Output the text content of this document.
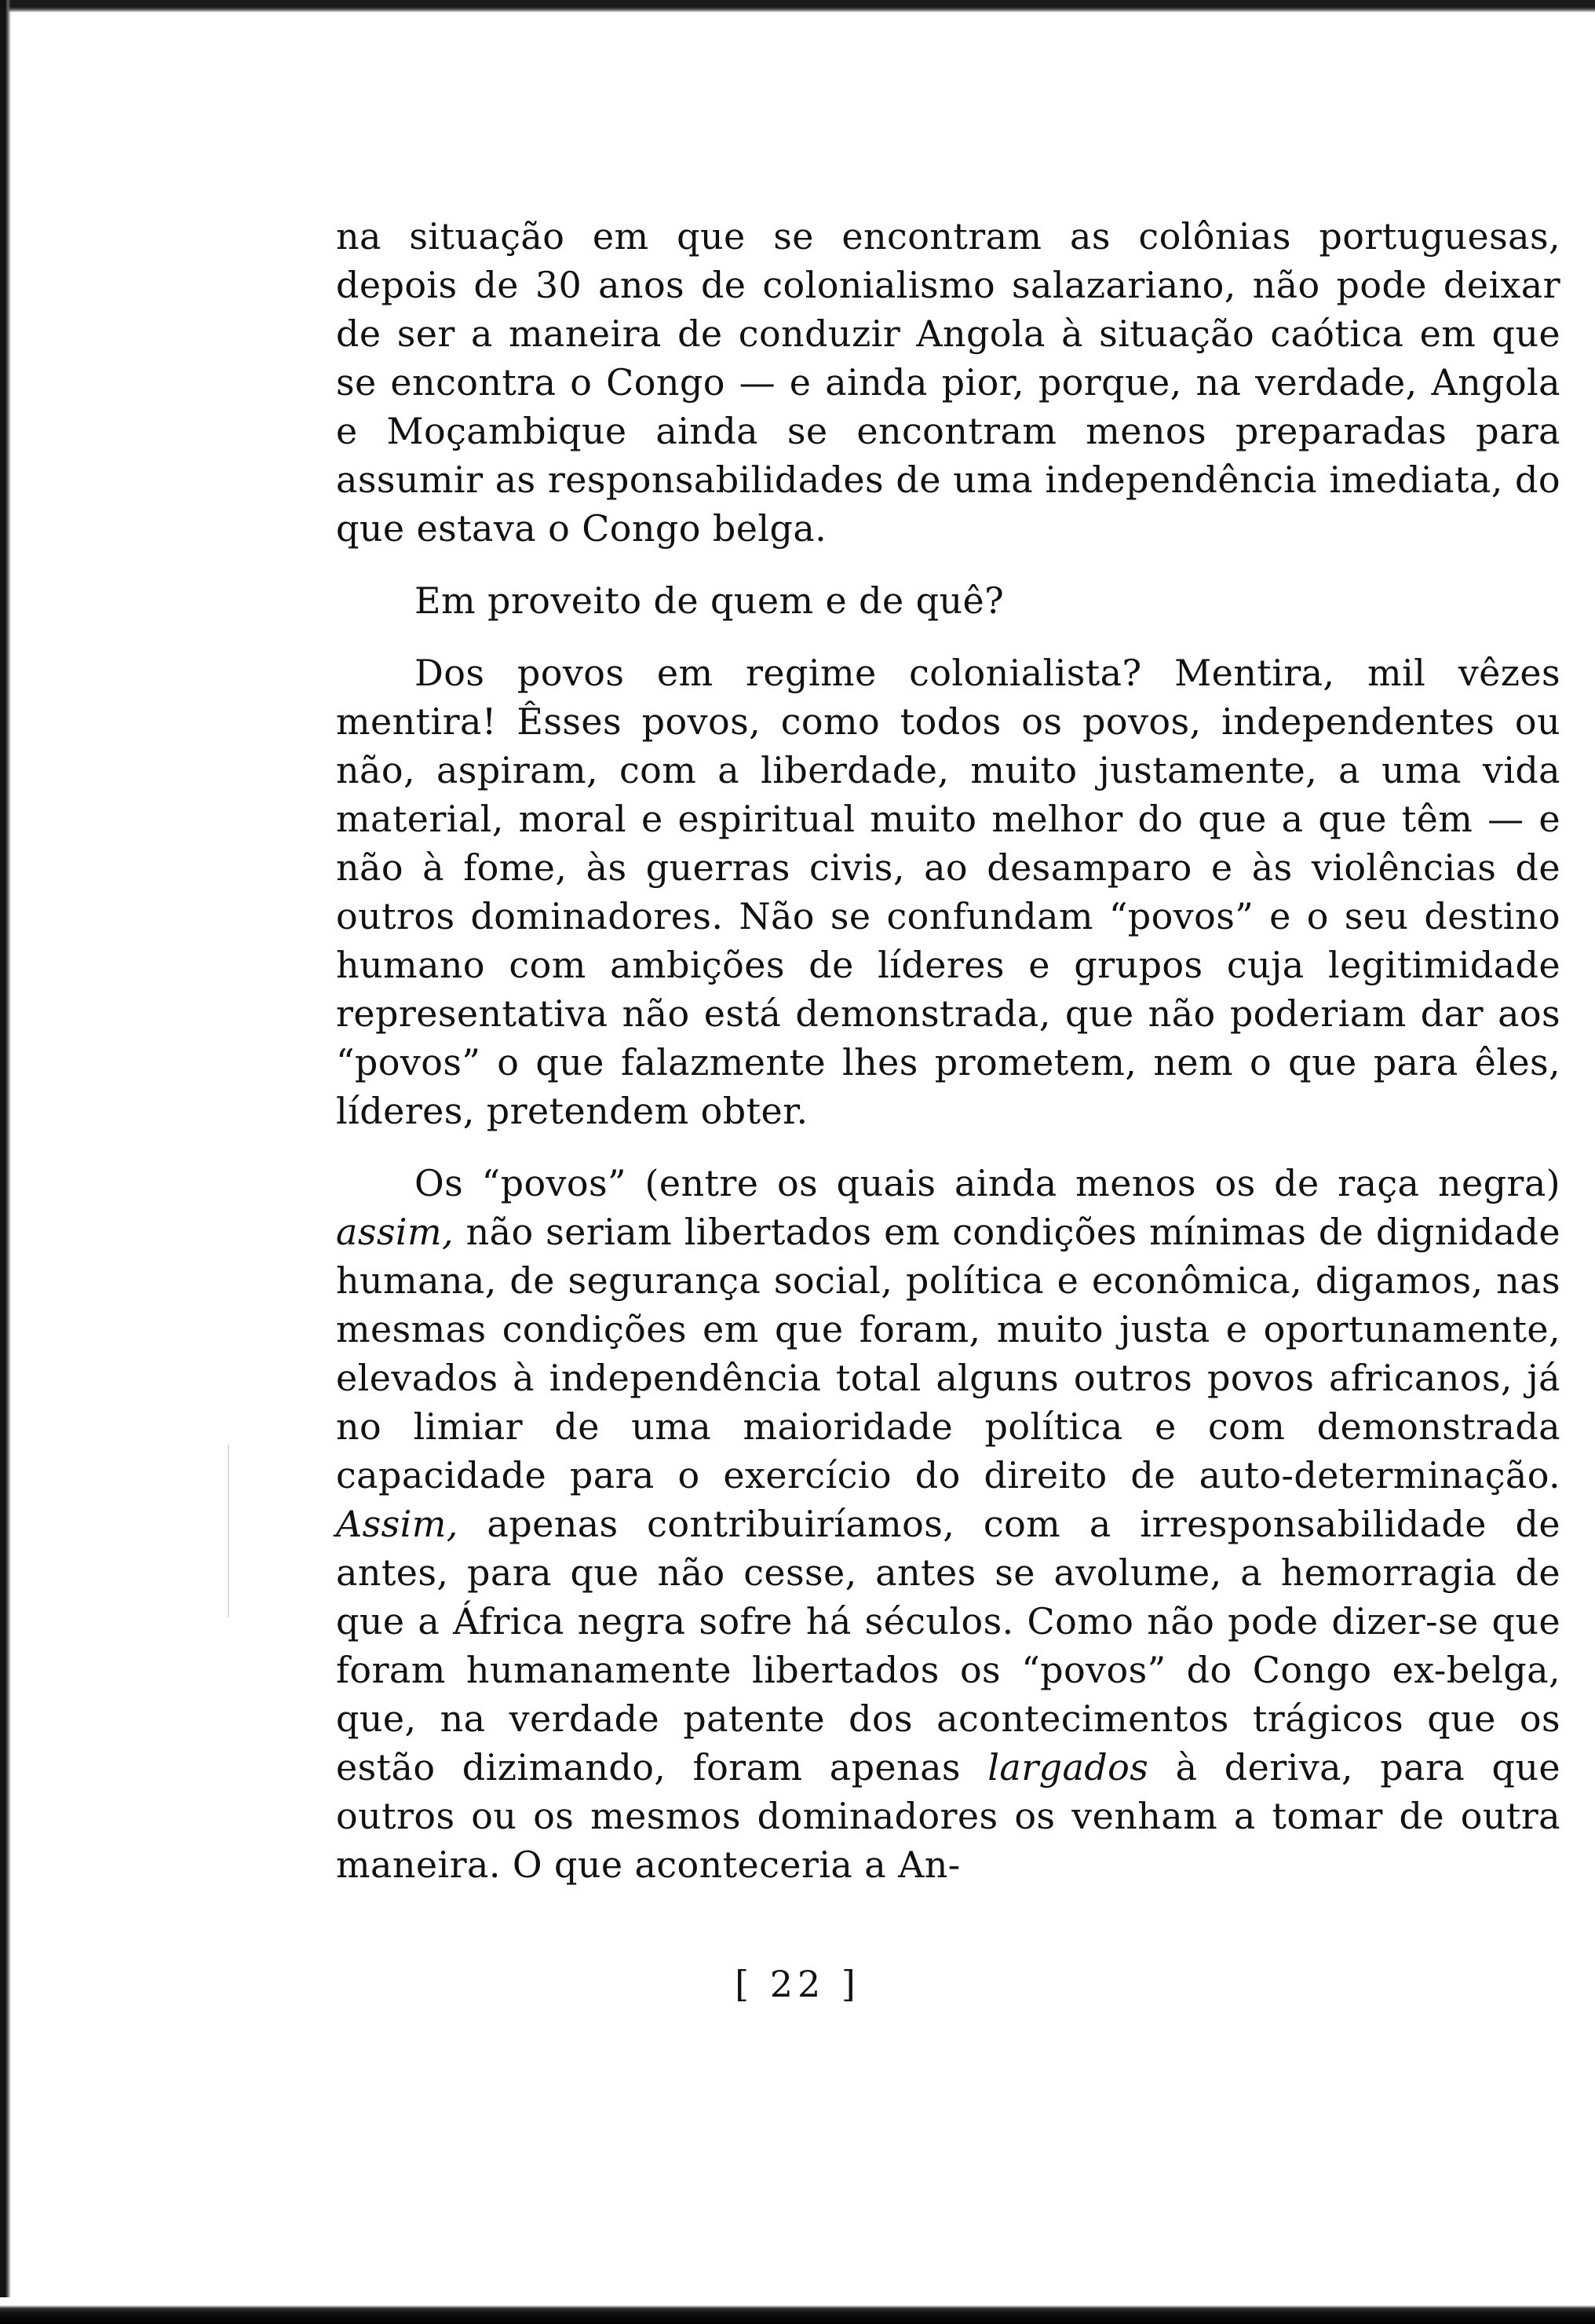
na situação em que se encontram as colônias portuguesas, depois de 30 anos de colonialismo salazariano, não pode deixar de ser a maneira de conduzir Angola à situação caótica em que se encontra o Congo — e ainda pior, porque, na verdade, Angola e Moçambique ainda se encontram menos preparadas para assumir as responsabilidades de uma independência imediata, do que estava o Congo belga.

Em proveito de quem e de quê?

Dos povos em regime colonialista? Mentira, mil vêzes mentira! Êsses povos, como todos os povos, independentes ou não, aspiram, com a liberdade, muito justamente, a uma vida material, moral e espiritual muito melhor do que a que têm — e não à fome, às guerras civis, ao desamparo e às violências de outros dominadores. Não se confundam “povos” e o seu destino humano com ambições de líderes e grupos cuja legitimidade representativa não está demonstrada, que não poderiam dar aos “povos” o que falazmente lhes prometem, nem o que para êles, líderes, pretendem obter.

Os “povos” (entre os quais ainda menos os de raça negra) assim, não seriam libertados em condições mínimas de dignidade humana, de segurança social, política e econômica, digamos, nas mesmas condições em que foram, muito justa e oportunamente, elevados à independência total alguns outros povos africanos, já no limiar de uma maioridade política e com demonstrada capacidade para o exercício do direito de auto-determinação. Assim, apenas contribuiríamos, com a irresponsabilidade de antes, para que não cesse, antes se avolume, a hemorragia de que a África negra sofre há séculos. Como não pode dizer-se que foram humanamente libertados os “povos” do Congo ex-belga, que, na verdade patente dos acontecimentos trágicos que os estão dizimando, foram apenas largados à deriva, para que outros ou os mesmos dominadores os venham a tomar de outra maneira. O que aconteceria a An-

[ 22 ]
